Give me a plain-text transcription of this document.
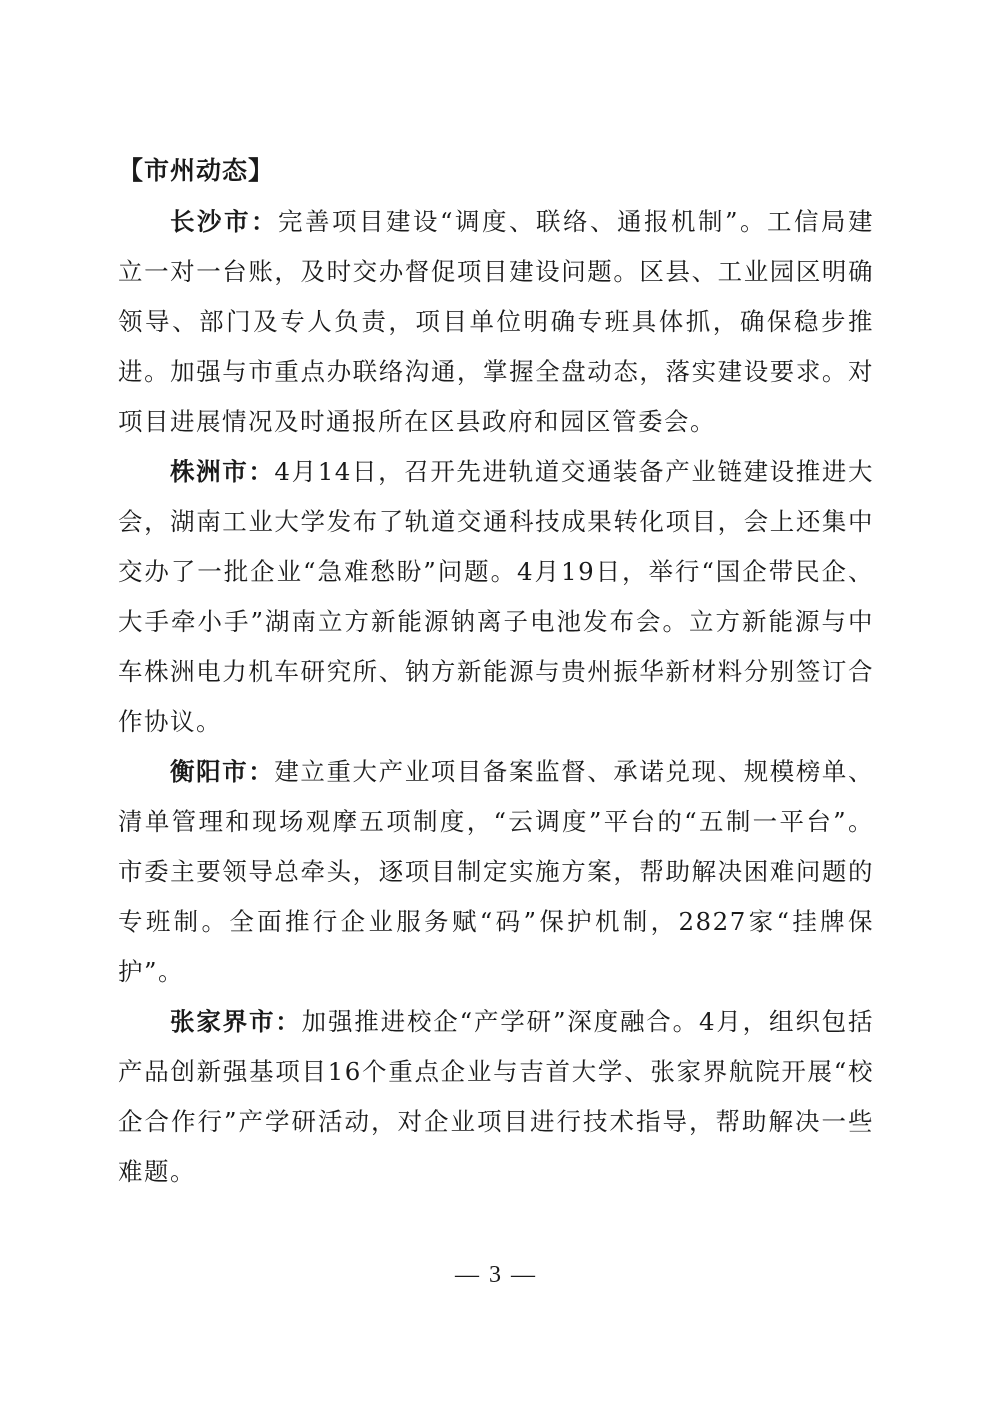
【市州动态】

长沙市：完善项目建设“调度、联络、通报机制”。工信局建立一对一台账，及时交办督促项目建设问题。区县、工业园区明确领导、部门及专人负责，项目单位明确专班具体抓，确保稳步推进。加强与市重点办联络沟通，掌握全盘动态，落实建设要求。对项目进展情况及时通报所在区县政府和园区管委会。

株洲市：4月14日，召开先进轨道交通装备产业链建设推进大会，湖南工业大学发布了轨道交通科技成果转化项目，会上还集中交办了一批企业“急难愁盼”问题。4月19日，举行“国企带民企、大手牵小手”湖南立方新能源钠离子电池发布会。立方新能源与中车株洲电力机车研究所、钠方新能源与贵州振华新材料分别签订合作协议。

衡阳市：建立重大产业项目备案监督、承诺兑现、规模榜单、清单管理和现场观摩五项制度，“云调度”平台的“五制一平台”。市委主要领导总牵头，逐项目制定实施方案，帮助解决困难问题的专班制。全面推行企业服务赋“码”保护机制，2827家“挂牌保护”。

张家界市：加强推进校企“产学研”深度融合。4月，组织包括产品创新强基项目16个重点企业与吉首大学、张家界航院开展“校企合作行”产学研活动，对企业项目进行技术指导，帮助解决一些难题。

— 3 —
